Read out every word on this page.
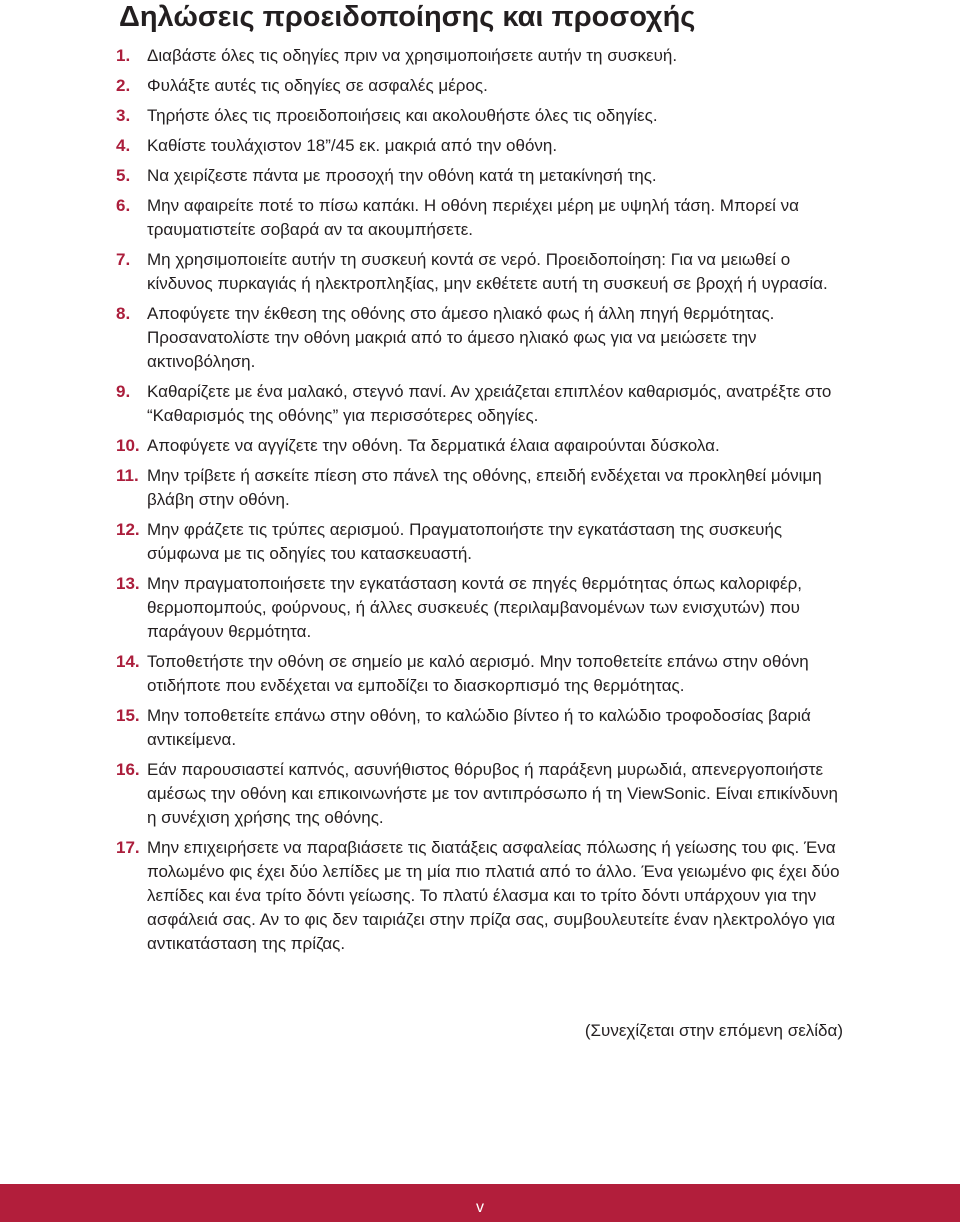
Δηλώσεις προειδοποίησης και προσοχής
1. Διαβάστε όλες τις οδηγίες πριν να χρησιμοποιήσετε αυτήν τη συσκευή.
2. Φυλάξτε αυτές τις οδηγίες σε ασφαλές μέρος.
3. Τηρήστε όλες τις προειδοποιήσεις και ακολουθήστε όλες τις οδηγίες.
4. Καθίστε τουλάχιστον 18”/45 εκ. μακριά από την οθόνη.
5. Να χειρίζεστε πάντα με προσοχή την οθόνη κατά τη μετακίνησή της.
6. Μην αφαιρείτε ποτέ το πίσω καπάκι. Η οθόνη περιέχει μέρη με υψηλή τάση. Μπορεί να τραυματιστείτε σοβαρά αν τα ακουμπήσετε.
7. Μη χρησιμοποιείτε αυτήν τη συσκευή κοντά σε νερό. Προειδοποίηση: Για να μειωθεί ο κίνδυνος πυρκαγιάς ή ηλεκτροπληξίας, μην εκθέτετε αυτή τη συσκευή σε βροχή ή υγρασία.
8. Αποφύγετε την έκθεση της οθόνης στο άμεσο ηλιακό φως ή άλλη πηγή θερμότητας. Προσανατολίστε την οθόνη μακριά από το άμεσο ηλιακό φως για να μειώσετε την ακτινοβόληση.
9. Καθαρίζετε με ένα μαλακό, στεγνό πανί. Αν χρειάζεται επιπλέον καθαρισμός, ανατρέξτε στο “Καθαρισμός της οθόνης” για περισσότερες οδηγίες.
10. Αποφύγετε να αγγίζετε την οθόνη. Τα δερματικά έλαια αφαιρούνται δύσκολα.
11. Μην τρίβετε ή ασκείτε πίεση στο πάνελ της οθόνης, επειδή ενδέχεται να προκληθεί μόνιμη βλάβη στην οθόνη.
12. Μην φράζετε τις τρύπες αερισμού. Πραγματοποιήστε την εγκατάσταση της συσκευής σύμφωνα με τις οδηγίες του κατασκευαστή.
13. Μην πραγματοποιήσετε την εγκατάσταση κοντά σε πηγές θερμότητας όπως καλοριφέρ, θερμοπομπούς, φούρνους, ή άλλες συσκευές (περιλαμβανομένων των ενισχυτών) που παράγουν θερμότητα.
14. Τοποθετήστε την οθόνη σε σημείο με καλό αερισμό. Μην τοποθετείτε επάνω στην οθόνη οτιδήποτε που ενδέχεται να εμποδίζει το διασκορπισμό της θερμότητας.
15. Μην τοποθετείτε επάνω στην οθόνη, το καλώδιο βίντεο ή το καλώδιο τροφοδοσίας βαριά αντικείμενα.
16. Εάν παρουσιαστεί καπνός, ασυνήθιστος θόρυβος ή παράξενη μυρωδιά, απενεργοποιήστε αμέσως την οθόνη και επικοινωνήστε με τον αντιπρόσωπο ή τη ViewSonic. Είναι επικίνδυνη η συνέχιση χρήσης της οθόνης.
17. Μην επιχειρήσετε να παραβιάσετε τις διατάξεις ασφαλείας πόλωσης ή γείωσης του φις. Ένα πολωμένο φις έχει δύο λεπίδες με τη μία πιο πλατιά από το άλλο. Ένα γειωμένο φις έχει δύο λεπίδες και ένα τρίτο δόντι γείωσης. Το πλατύ έλασμα και το τρίτο δόντι υπάρχουν για την ασφάλειά σας. Αν το φις δεν ταιριάζει στην πρίζα σας, συμβουλευτείτε έναν ηλεκτρολόγο για αντικατάσταση της πρίζας.
(Συνεχίζεται στην επόμενη σελίδα)
v
